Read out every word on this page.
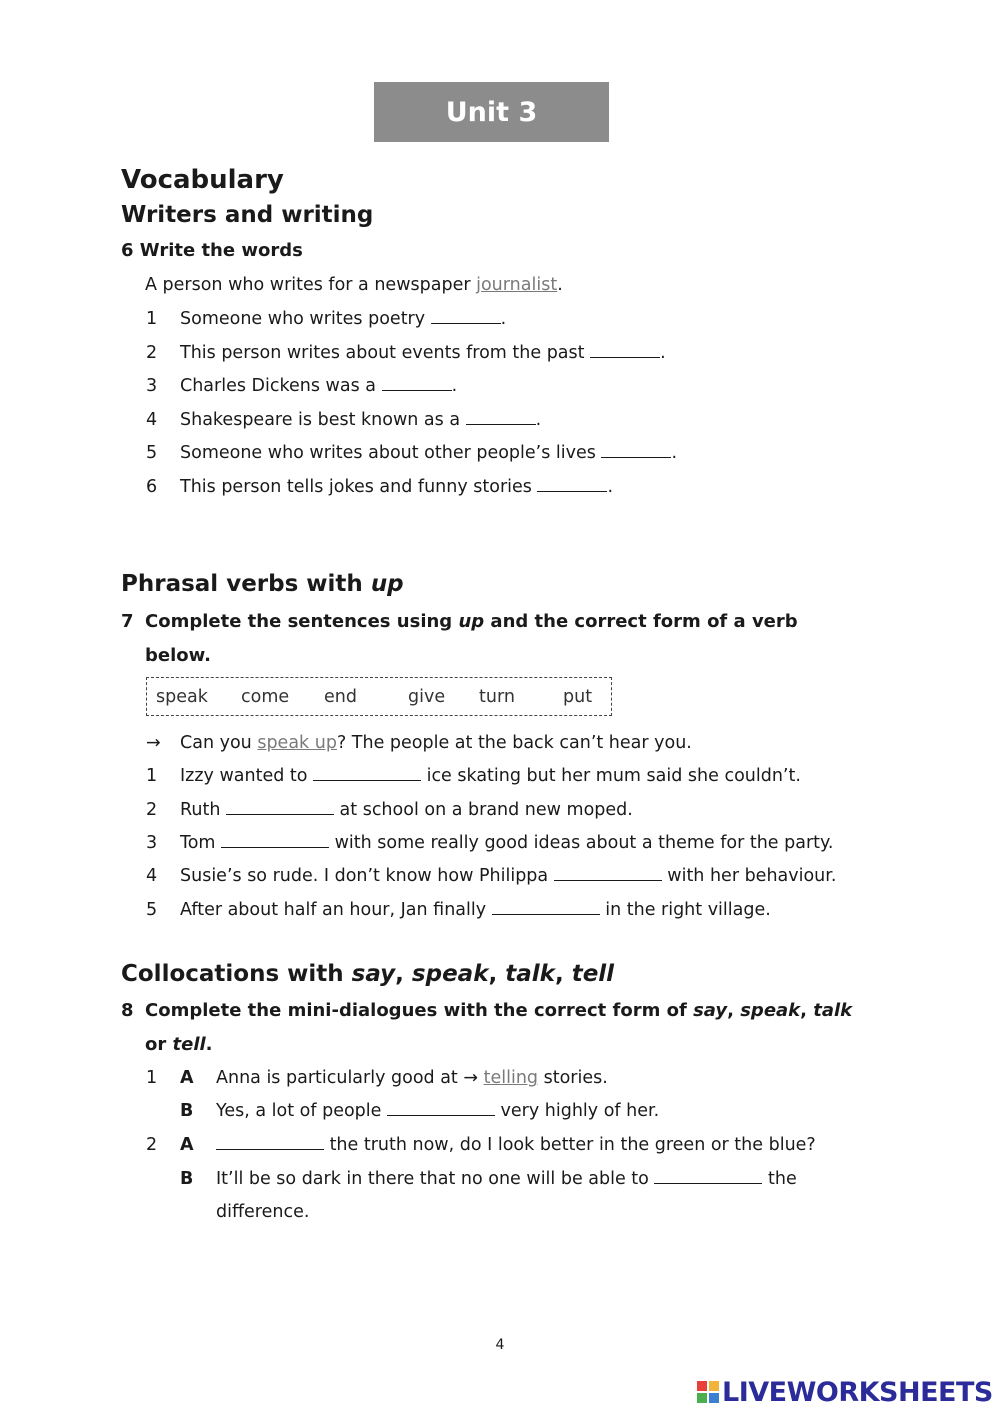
Unit 3
Vocabulary
Writers and writing
6 Write the words
A person who writes for a newspaper journalist.
1 Someone who writes poetry	.
2 This person writes about events from the past	.
3 Charles Dickens was a	.
4 Shakespeare is best known as a	.
5 Someone who writes about other people’s lives	.
6 This person tells jokes and funny stories	.
Phrasal verbs with up
7 Complete the sentences using up and the correct form of a verb
below.
speak come end	give turn	put
→ Can you speak up? The people at the back can’t hear you.
1 Izzy wanted to	ice skating but her mum said she couldn’t.
2 Ruth	at school on a brand new moped.
3 Tom	with some really good ideas about a theme for the party.
4 Susie’s so rude. I don’t know how Philippa	with her behaviour.
5 After about half an hour, Jan finally	in the right village.
Collocations with say, speak, talk, tell
8 Complete the mini-dialogues with the correct form of say, speak, talk
or tell.
1 A Anna is particularly good at → telling stories.
B Yes, a lot of people	very highly of her.
2 A	the truth now, do I look better in the green or the blue?
B It’ll be so dark in there that no one will be able to	the
difference.
4
LIVEWORKSHEETS
